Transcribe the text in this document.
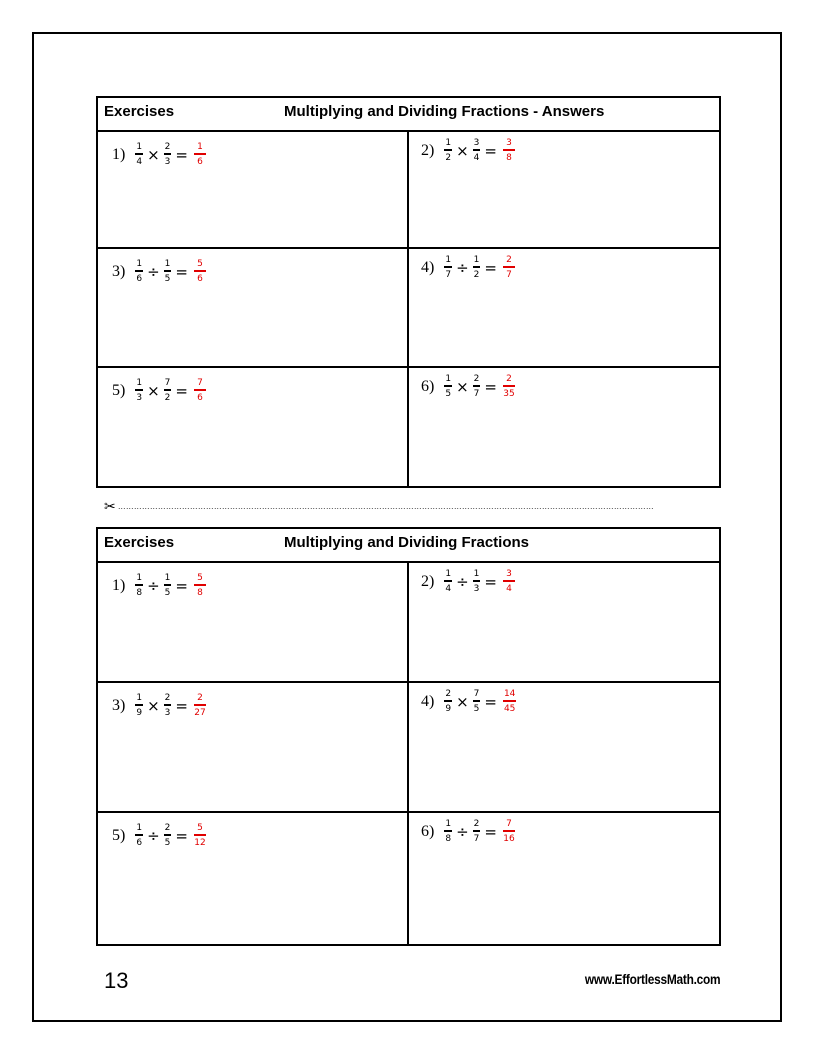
Exercises	Multiplying and Dividing Fractions - Answers
$1) \frac{1}{4} \times \frac{2}{3} = \frac{1}{6}$	$2) \frac{1}{2} \times \frac{3}{4} = \frac{3}{8}$
$3) \frac{1}{6} \div \frac{1}{5} = \frac{5}{6}$	$4) \frac{1}{7} \div \frac{1}{2} = \frac{2}{7}$
$5) \frac{1}{3} \times \frac{7}{2} = \frac{7}{6}$	$6) \frac{1}{5} \times \frac{2}{7} = \frac{2}{35}$
✂ …………………………………………………………………………………………………………………………………………………………………………………
Exercises	Multiplying and Dividing Fractions
$1) \frac{1}{8} \div \frac{1}{5} = \frac{5}{8}$	$2) \frac{1}{4} \div \frac{1}{3} = \frac{3}{4}$
$3) \frac{1}{9} \times \frac{2}{3} = \frac{2}{27}$	$4) \frac{2}{9} \times \frac{7}{5} = \frac{14}{45}$
$5) \frac{1}{6} \div \frac{2}{5} = \frac{5}{12}$	$6) \frac{1}{8} \div \frac{2}{7} = \frac{7}{16}$
13	www.EffortlessMath.com
